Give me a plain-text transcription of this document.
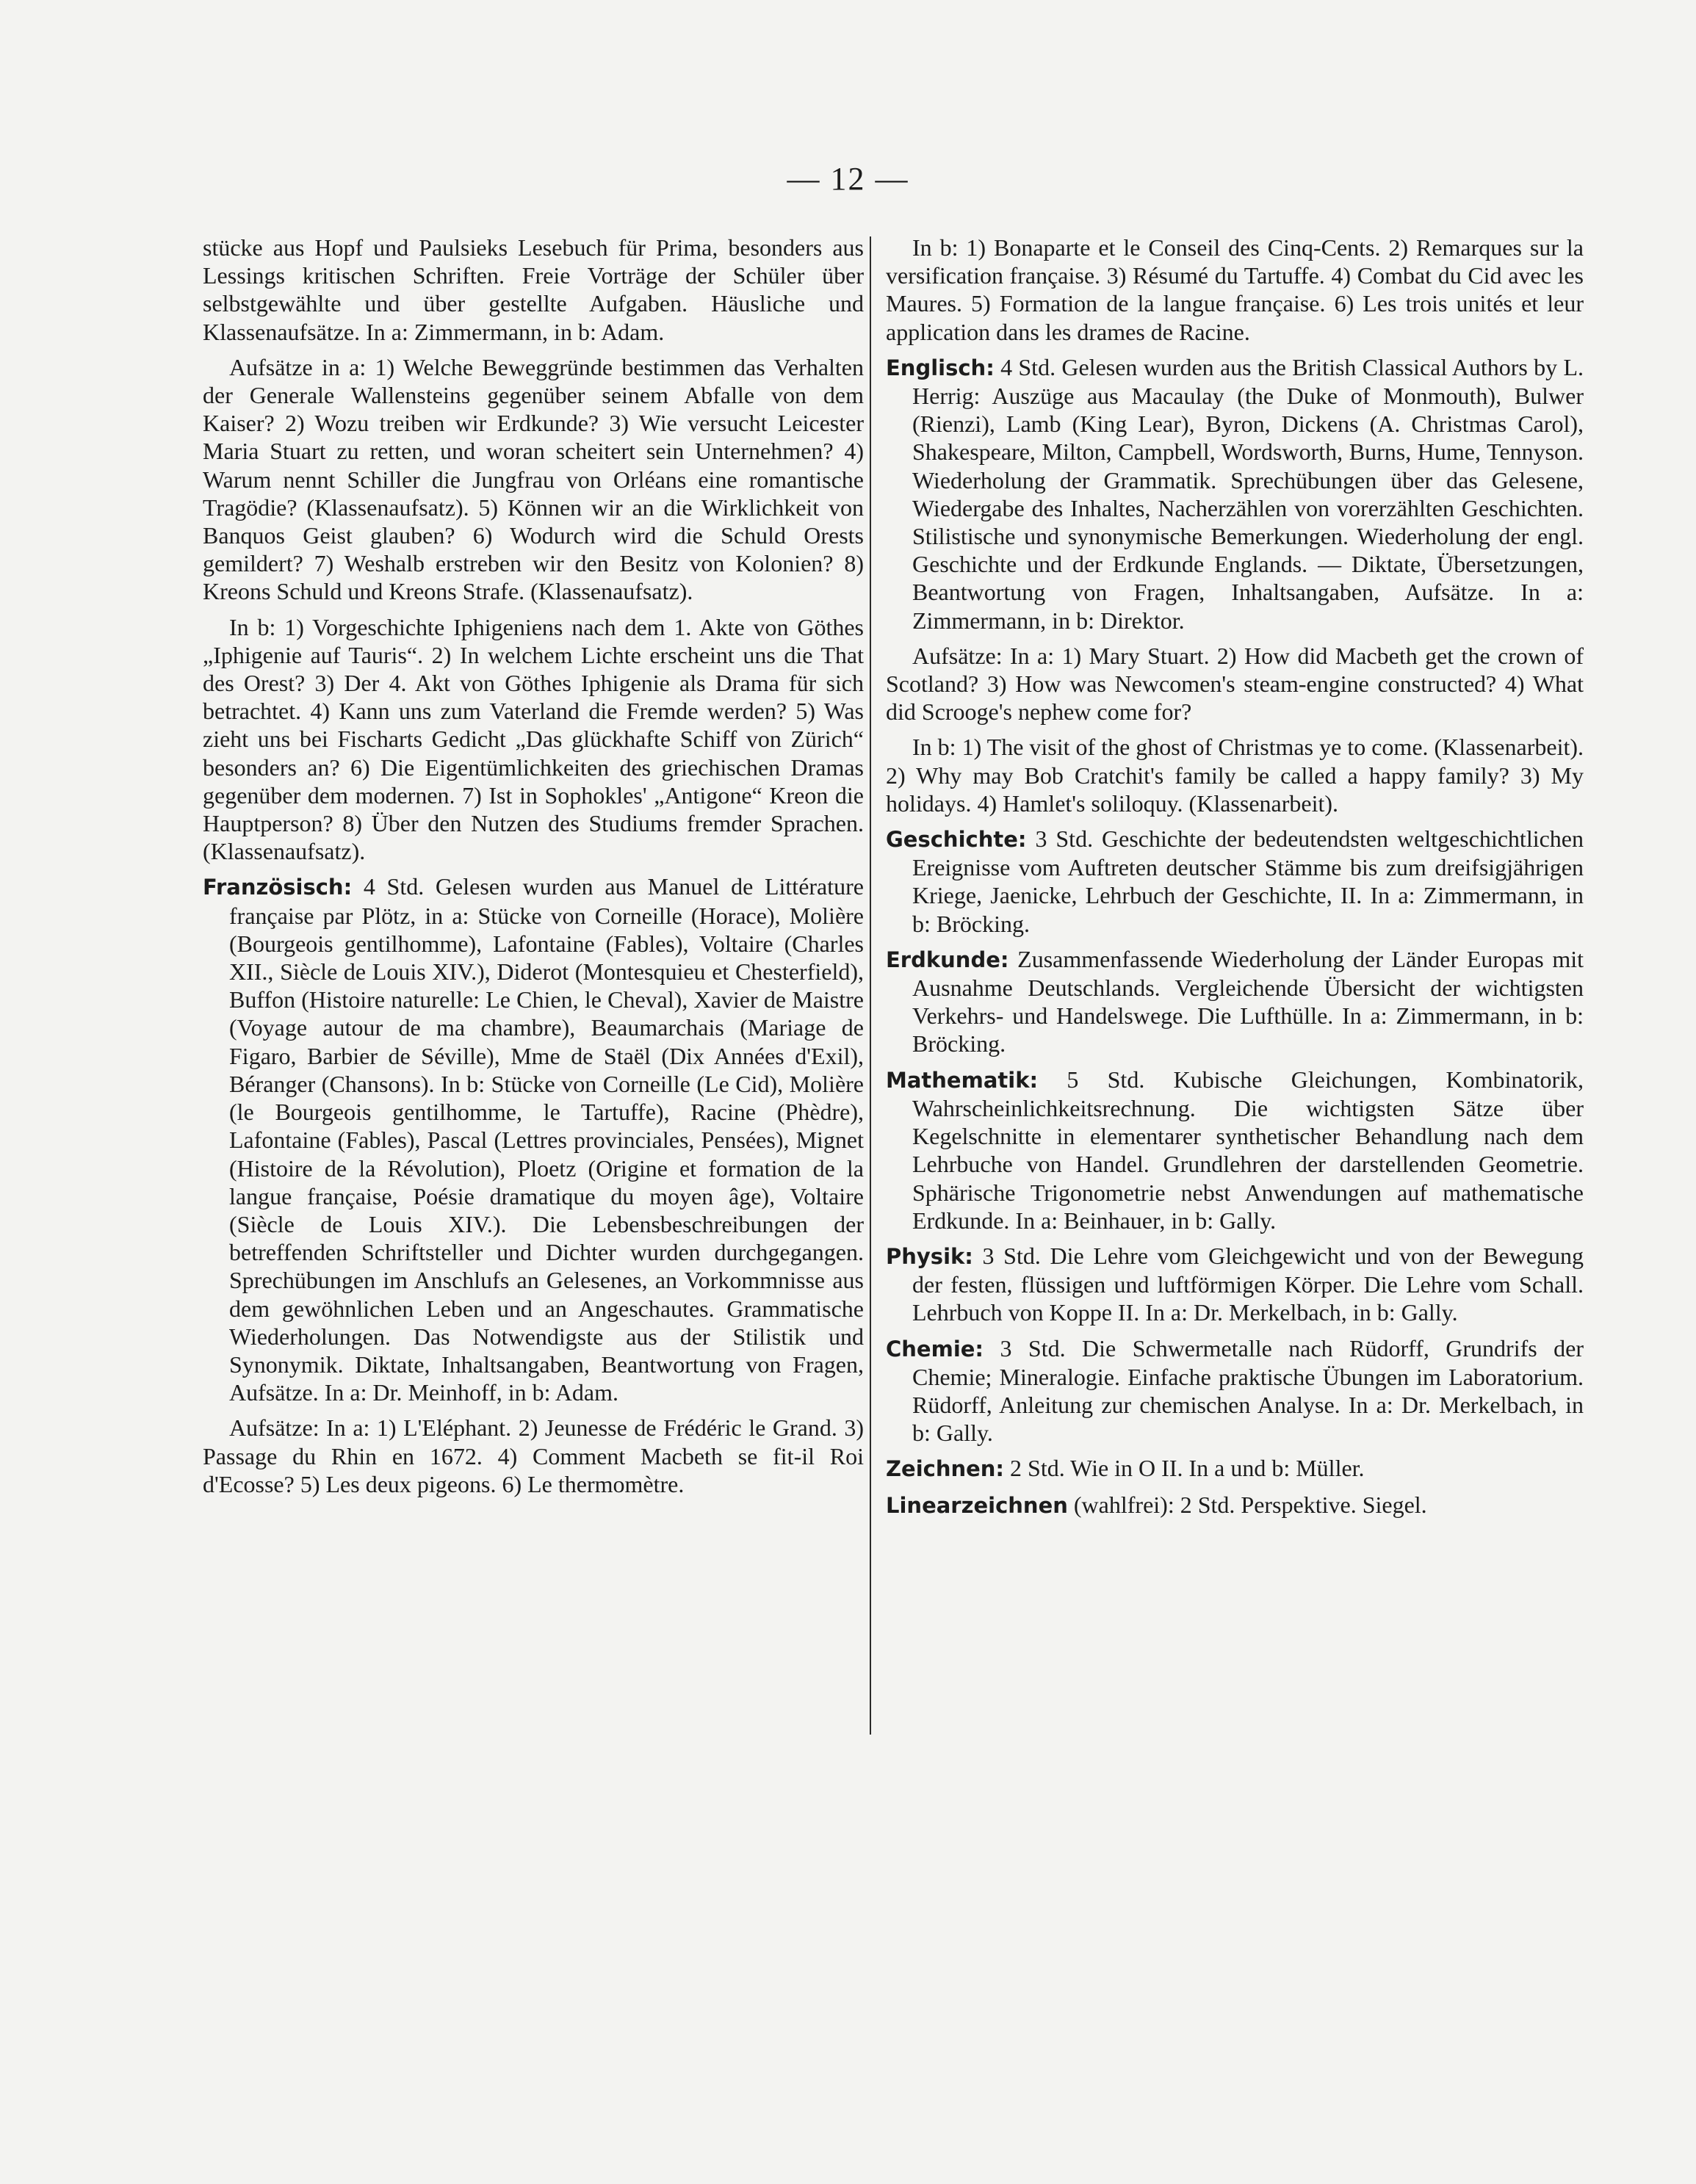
— 12 —

stücke aus Hopf und Paulsieks Lesebuch für Prima, besonders aus Lessings kritischen Schriften. Freie Vorträge der Schüler über selbstgewählte und über gestellte Aufgaben. Häusliche und Klassenaufsätze. In a: Zimmermann, in b: Adam.

Aufsätze in a: 1) Welche Beweggründe bestimmen das Verhalten der Generale Wallensteins gegenüber seinem Abfalle von dem Kaiser? 2) Wozu treiben wir Erdkunde? 3) Wie versucht Leicester Maria Stuart zu retten, und woran scheitert sein Unternehmen? 4) Warum nennt Schiller die Jungfrau von Orléans eine romantische Tragödie? (Klassenaufsatz). 5) Können wir an die Wirklichkeit von Banquos Geist glauben? 6) Wodurch wird die Schuld Orests gemildert? 7) Weshalb erstreben wir den Besitz von Kolonien? 8) Kreons Schuld und Kreons Strafe. (Klassenaufsatz).

In b: 1) Vorgeschichte Iphigeniens nach dem 1. Akte von Göthes „Iphigenie auf Tauris“. 2) In welchem Lichte erscheint uns die That des Orest? 3) Der 4. Akt von Göthes Iphigenie als Drama für sich betrachtet. 4) Kann uns zum Vaterland die Fremde werden? 5) Was zieht uns bei Fischarts Gedicht „Das glückhafte Schiff von Zürich“ besonders an? 6) Die Eigentümlichkeiten des griechischen Dramas gegenüber dem modernen. 7) Ist in Sophokles' „Antigone“ Kreon die Hauptperson? 8) Über den Nutzen des Studiums fremder Sprachen. (Klassenaufsatz).

Französisch: 4 Std. Gelesen wurden aus Manuel de Littérature française par Plötz, in a: Stücke von Corneille (Horace), Molière (Bourgeois gentilhomme), Lafontaine (Fables), Voltaire (Charles XII., Siècle de Louis XIV.), Diderot (Montesquieu et Chesterfield), Buffon (Histoire naturelle: Le Chien, le Cheval), Xavier de Maistre (Voyage autour de ma chambre), Beaumarchais (Mariage de Figaro, Barbier de Séville), Mme de Staël (Dix Années d'Exil), Béranger (Chansons). In b: Stücke von Corneille (Le Cid), Molière (le Bourgeois gentilhomme, le Tartuffe), Racine (Phèdre), Lafontaine (Fables), Pascal (Lettres provinciales, Pensées), Mignet (Histoire de la Révolution), Ploetz (Origine et formation de la langue française, Poésie dramatique du moyen âge), Voltaire (Siècle de Louis XIV.). Die Lebensbeschreibungen der betreffenden Schriftsteller und Dichter wurden durchgegangen. Sprechübungen im Anschlufs an Gelesenes, an Vorkommnisse aus dem gewöhnlichen Leben und an Angeschautes. Grammatische Wiederholungen. Das Notwendigste aus der Stilistik und Synonymik. Diktate, Inhaltsangaben, Beantwortung von Fragen, Aufsätze. In a: Dr. Meinhoff, in b: Adam.

Aufsätze: In a: 1) L'Eléphant. 2) Jeunesse de Frédéric le Grand. 3) Passage du Rhin en 1672. 4) Comment Macbeth se fit-il Roi d'Ecosse? 5) Les deux pigeons. 6) Le thermomètre.

In b: 1) Bonaparte et le Conseil des Cinq-Cents. 2) Remarques sur la versification française. 3) Résumé du Tartuffe. 4) Combat du Cid avec les Maures. 5) Formation de la langue française. 6) Les trois unités et leur application dans les drames de Racine.

Englisch: 4 Std. Gelesen wurden aus the British Classical Authors by L. Herrig: Auszüge aus Macaulay (the Duke of Monmouth), Bulwer (Rienzi), Lamb (King Lear), Byron, Dickens (A. Christmas Carol), Shakespeare, Milton, Campbell, Wordsworth, Burns, Hume, Tennyson. Wiederholung der Grammatik. Sprechübungen über das Gelesene, Wiedergabe des Inhaltes, Nacherzählen von vorerzählten Geschichten. Stilistische und synonymische Bemerkungen. Wiederholung der engl. Geschichte und der Erdkunde Englands. — Diktate, Übersetzungen, Beantwortung von Fragen, Inhaltsangaben, Aufsätze. In a: Zimmermann, in b: Direktor.

Aufsätze: In a: 1) Mary Stuart. 2) How did Macbeth get the crown of Scotland? 3) How was Newcomen's steam-engine constructed? 4) What did Scrooge's nephew come for?

In b: 1) The visit of the ghost of Christmas ye to come. (Klassenarbeit). 2) Why may Bob Cratchit's family be called a happy family? 3) My holidays. 4) Hamlet's soliloquy. (Klassenarbeit).

Geschichte: 3 Std. Geschichte der bedeutendsten weltgeschichtlichen Ereignisse vom Auftreten deutscher Stämme bis zum dreifsigjährigen Kriege, Jaenicke, Lehrbuch der Geschichte, II. In a: Zimmermann, in b: Bröcking.

Erdkunde: Zusammenfassende Wiederholung der Länder Europas mit Ausnahme Deutschlands. Vergleichende Übersicht der wichtigsten Verkehrs- und Handelswege. Die Lufthülle. In a: Zimmermann, in b: Bröcking.

Mathematik: 5 Std. Kubische Gleichungen, Kombinatorik, Wahrscheinlichkeitsrechnung. Die wichtigsten Sätze über Kegelschnitte in elementarer synthetischer Behandlung nach dem Lehrbuche von Handel. Grundlehren der darstellenden Geometrie. Sphärische Trigonometrie nebst Anwendungen auf mathematische Erdkunde. In a: Beinhauer, in b: Gally.

Physik: 3 Std. Die Lehre vom Gleichgewicht und von der Bewegung der festen, flüssigen und luftförmigen Körper. Die Lehre vom Schall. Lehrbuch von Koppe II. In a: Dr. Merkelbach, in b: Gally.

Chemie: 3 Std. Die Schwermetalle nach Rüdorff, Grundrifs der Chemie; Mineralogie. Einfache praktische Übungen im Laboratorium. Rüdorff, Anleitung zur chemischen Analyse. In a: Dr. Merkelbach, in b: Gally.

Zeichnen: 2 Std. Wie in O II. In a und b: Müller.

Linearzeichnen (wahlfrei): 2 Std. Perspektive. Siegel.
